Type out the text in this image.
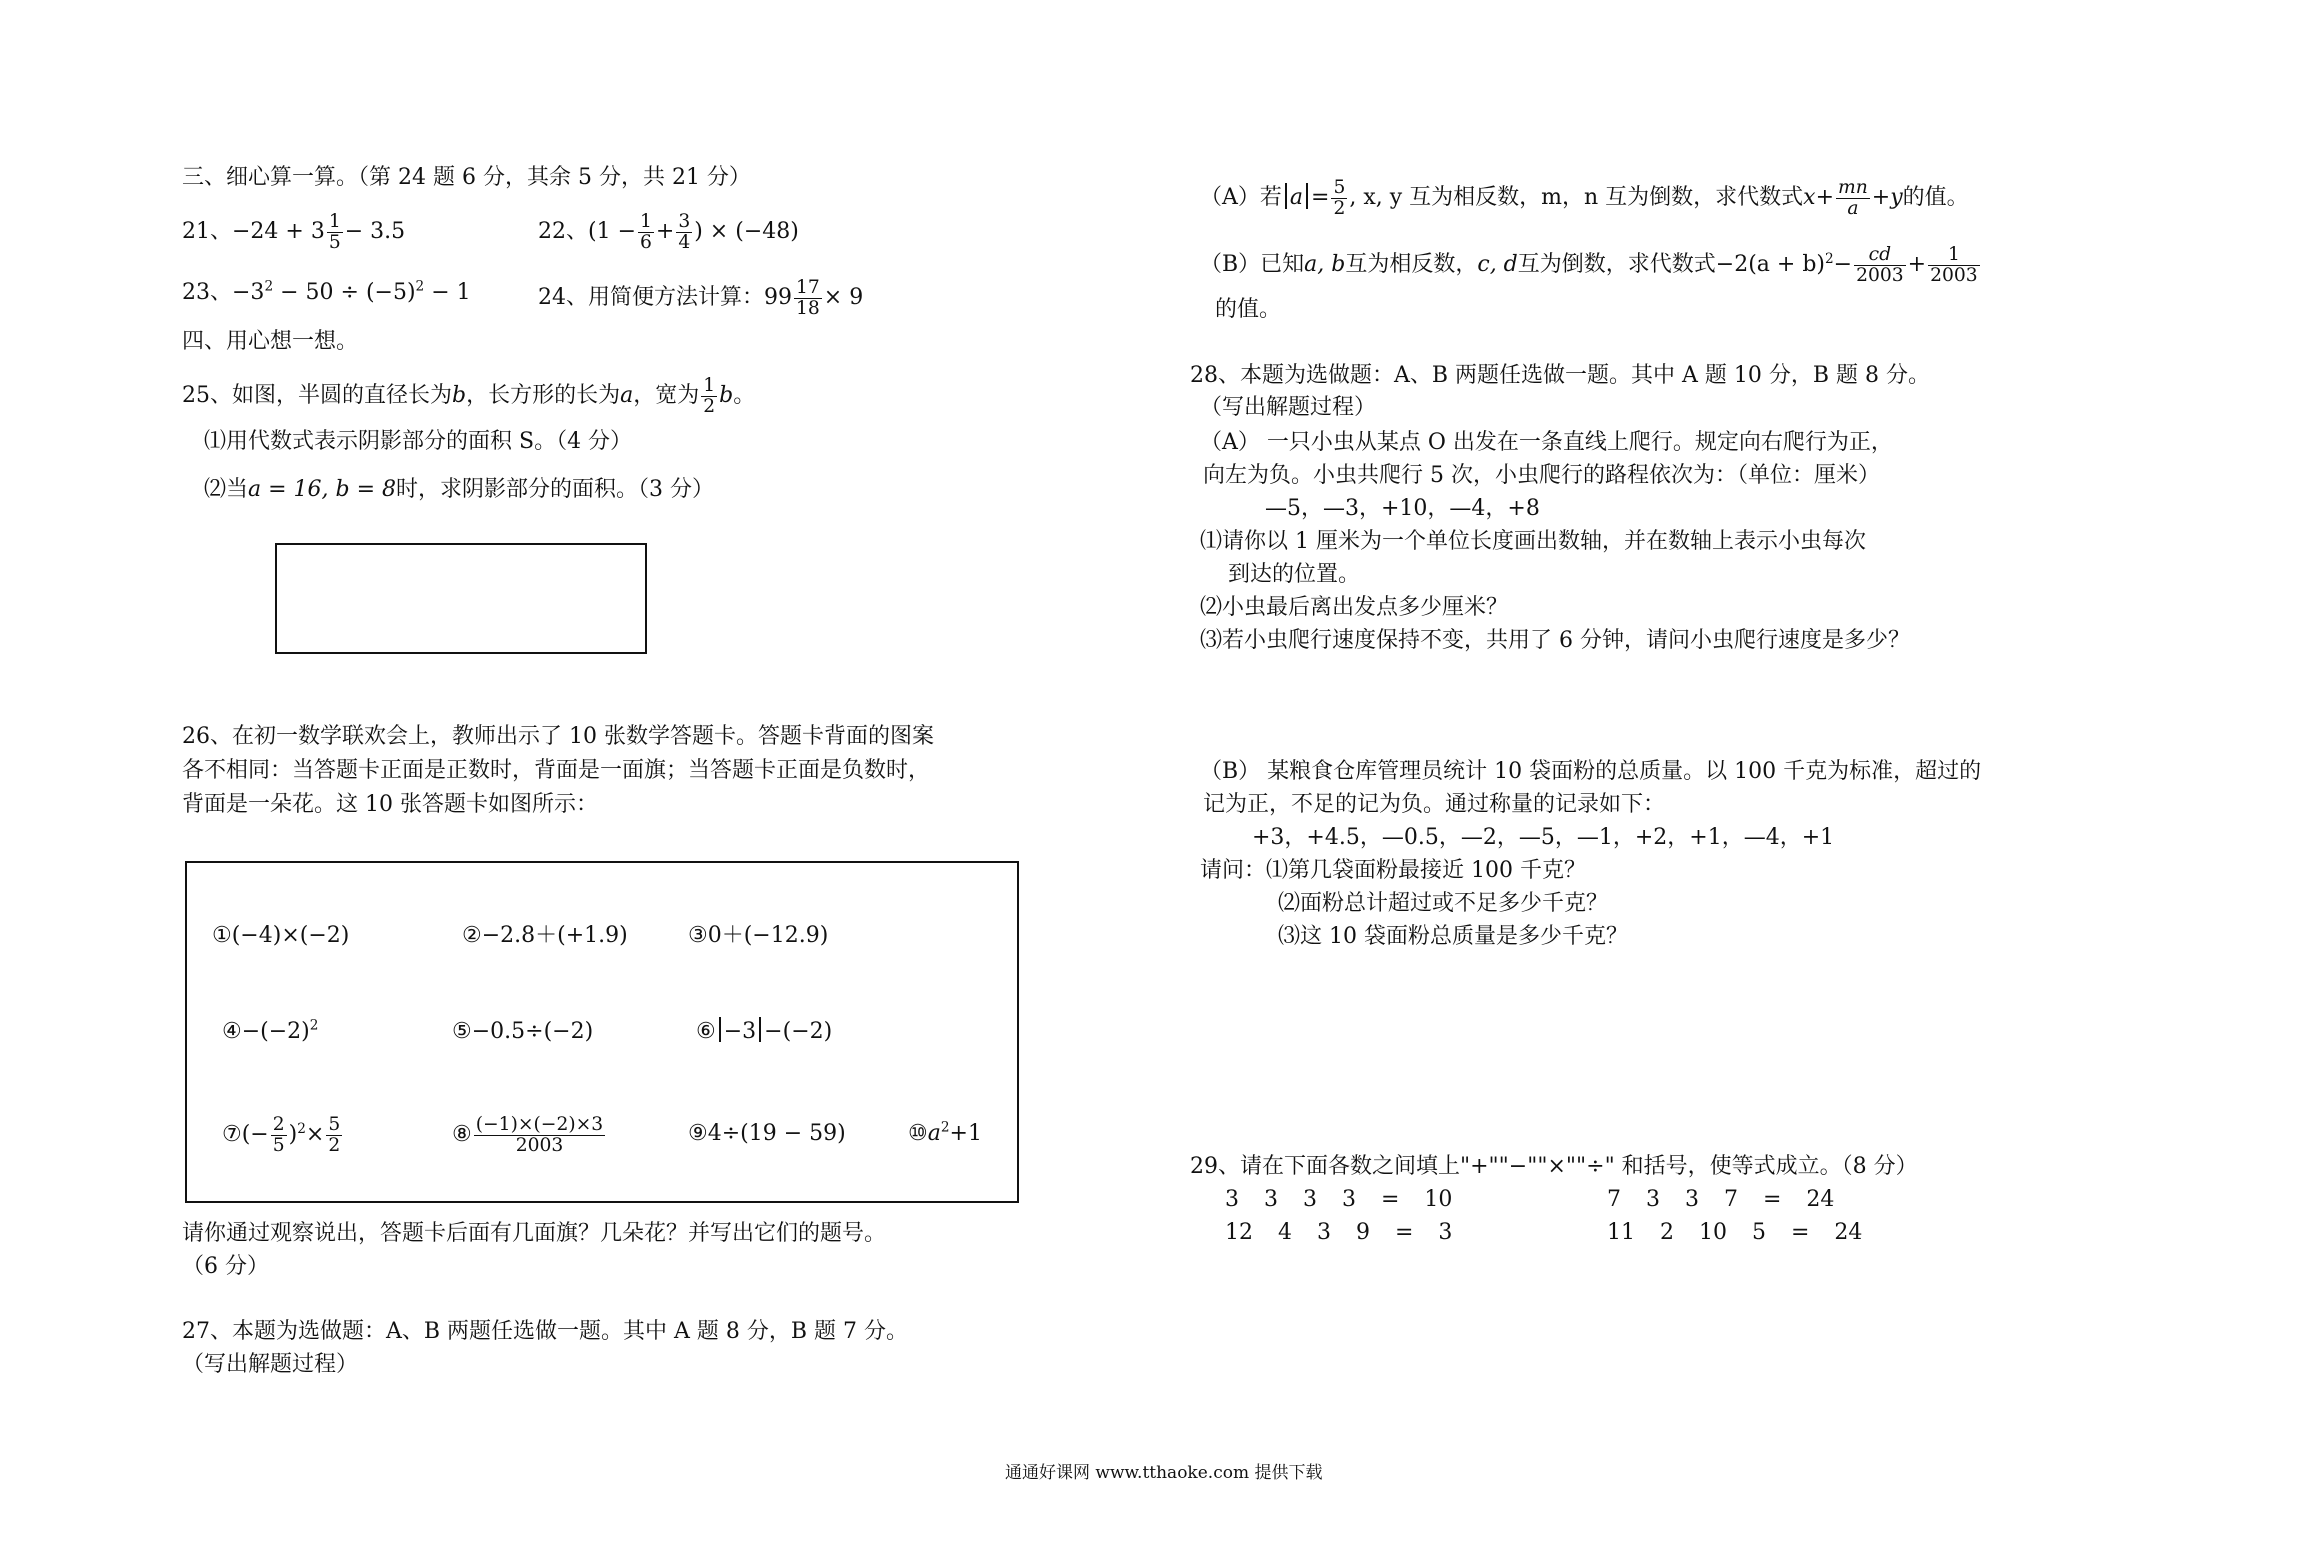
三、细心算一算。（第 24 题 6 分，其余 5 分，共 21 分）
21、$-24 + 3 \frac{1}{5} - 3.5$	22、($1 - \frac{1}{6} + \frac{3}{4}$ ) × (−48)
23、$-3^2 - 50 \div (-5)^2 - 1$	24、用简便方法计算：$99 \frac{17}{18} \times 9$
四、用心想一想。
25、如图，半圆的直径长为b，长方形的长为a，宽为 $\frac{1}{2}$ b。
⑴用代数式表示阴影部分的面积 S。（4 分）
⑵当a = 16, b = 8时，求阴影部分的面积。（3 分）
26、在初一数学联欢会上，教师出示了 10 张数学答题卡。答题卡背面的图案
各不相同：当答题卡正面是正数时，背面是一面旗；当答题卡正面是负数时，
背面是一朵花。这 10 张答题卡如图所示：
①(−4)×(−2)	②−2.8＋(+1.9)	③0＋(−12.9)
$④-(-2)^2$	⑤−0.5÷(−2)	⑥ −3 −(−2)
⑦(− $\frac{2}{5} )^2\times \frac{5}{2}$	⑧ $\frac{(-1)\times(-2)\times 3}{2003}$	⑨4÷(19 − 59)	$⑩a^2+1$
请你通过观察说出，答题卡后面有几面旗？几朵花？并写出它们的题号。
（6 分）
27、本题为选做题：A、B 两题任选做一题。其中 A 题 8 分，B 题 7 分。
（写出解题过程）
（A）若 $a = \frac{5}{2}$ , x, y 互为相反数，m，n 互为倒数，求代数式$x+ \frac{mn}{a} +y$的值。
（B）已知a, b互为相反数，c, d互为倒数，求代数式$-2(a + b)^2- \frac{cd}{2003} + \frac{1}{2003}$
的值。
28、本题为选做题：A、B 两题任选做一题。其中 A 题 10 分，B 题 8 分。
（写出解题过程）
（A） 一只小虫从某点 O 出发在一条直线上爬行。规定向右爬行为正，
向左为负。小虫共爬行 5 次，小虫爬行的路程依次为：（单位：厘米）
—5，—3，+10，—4，+8
⑴请你以 1 厘米为一个单位长度画出数轴，并在数轴上表示小虫每次
到达的位置。
⑵小虫最后离出发点多少厘米？
⑶若小虫爬行速度保持不变，共用了 6 分钟，请问小虫爬行速度是多少？
（B） 某粮食仓库管理员统计 10 袋面粉的总质量。以 100 千克为标准，超过的
记为正，不足的记为负。通过称量的记录如下：
+3，+4.5，—0.5，—2，—5，—1，+2，+1，—4，+1
请问：⑴第几袋面粉最接近 100 千克？
⑵面粉总计超过或不足多少千克？
⑶这 10 袋面粉总质量是多少千克？
29、请在下面各数之间填上"+""−""×""÷" 和括号，使等式成立。（8 分）
3 3 3 3 = 10	7 3 3 7 = 24
12 4 3 9 = 3	11 2 10 5 = 24
通通好课网 www.tthaoke.com 提供下载
